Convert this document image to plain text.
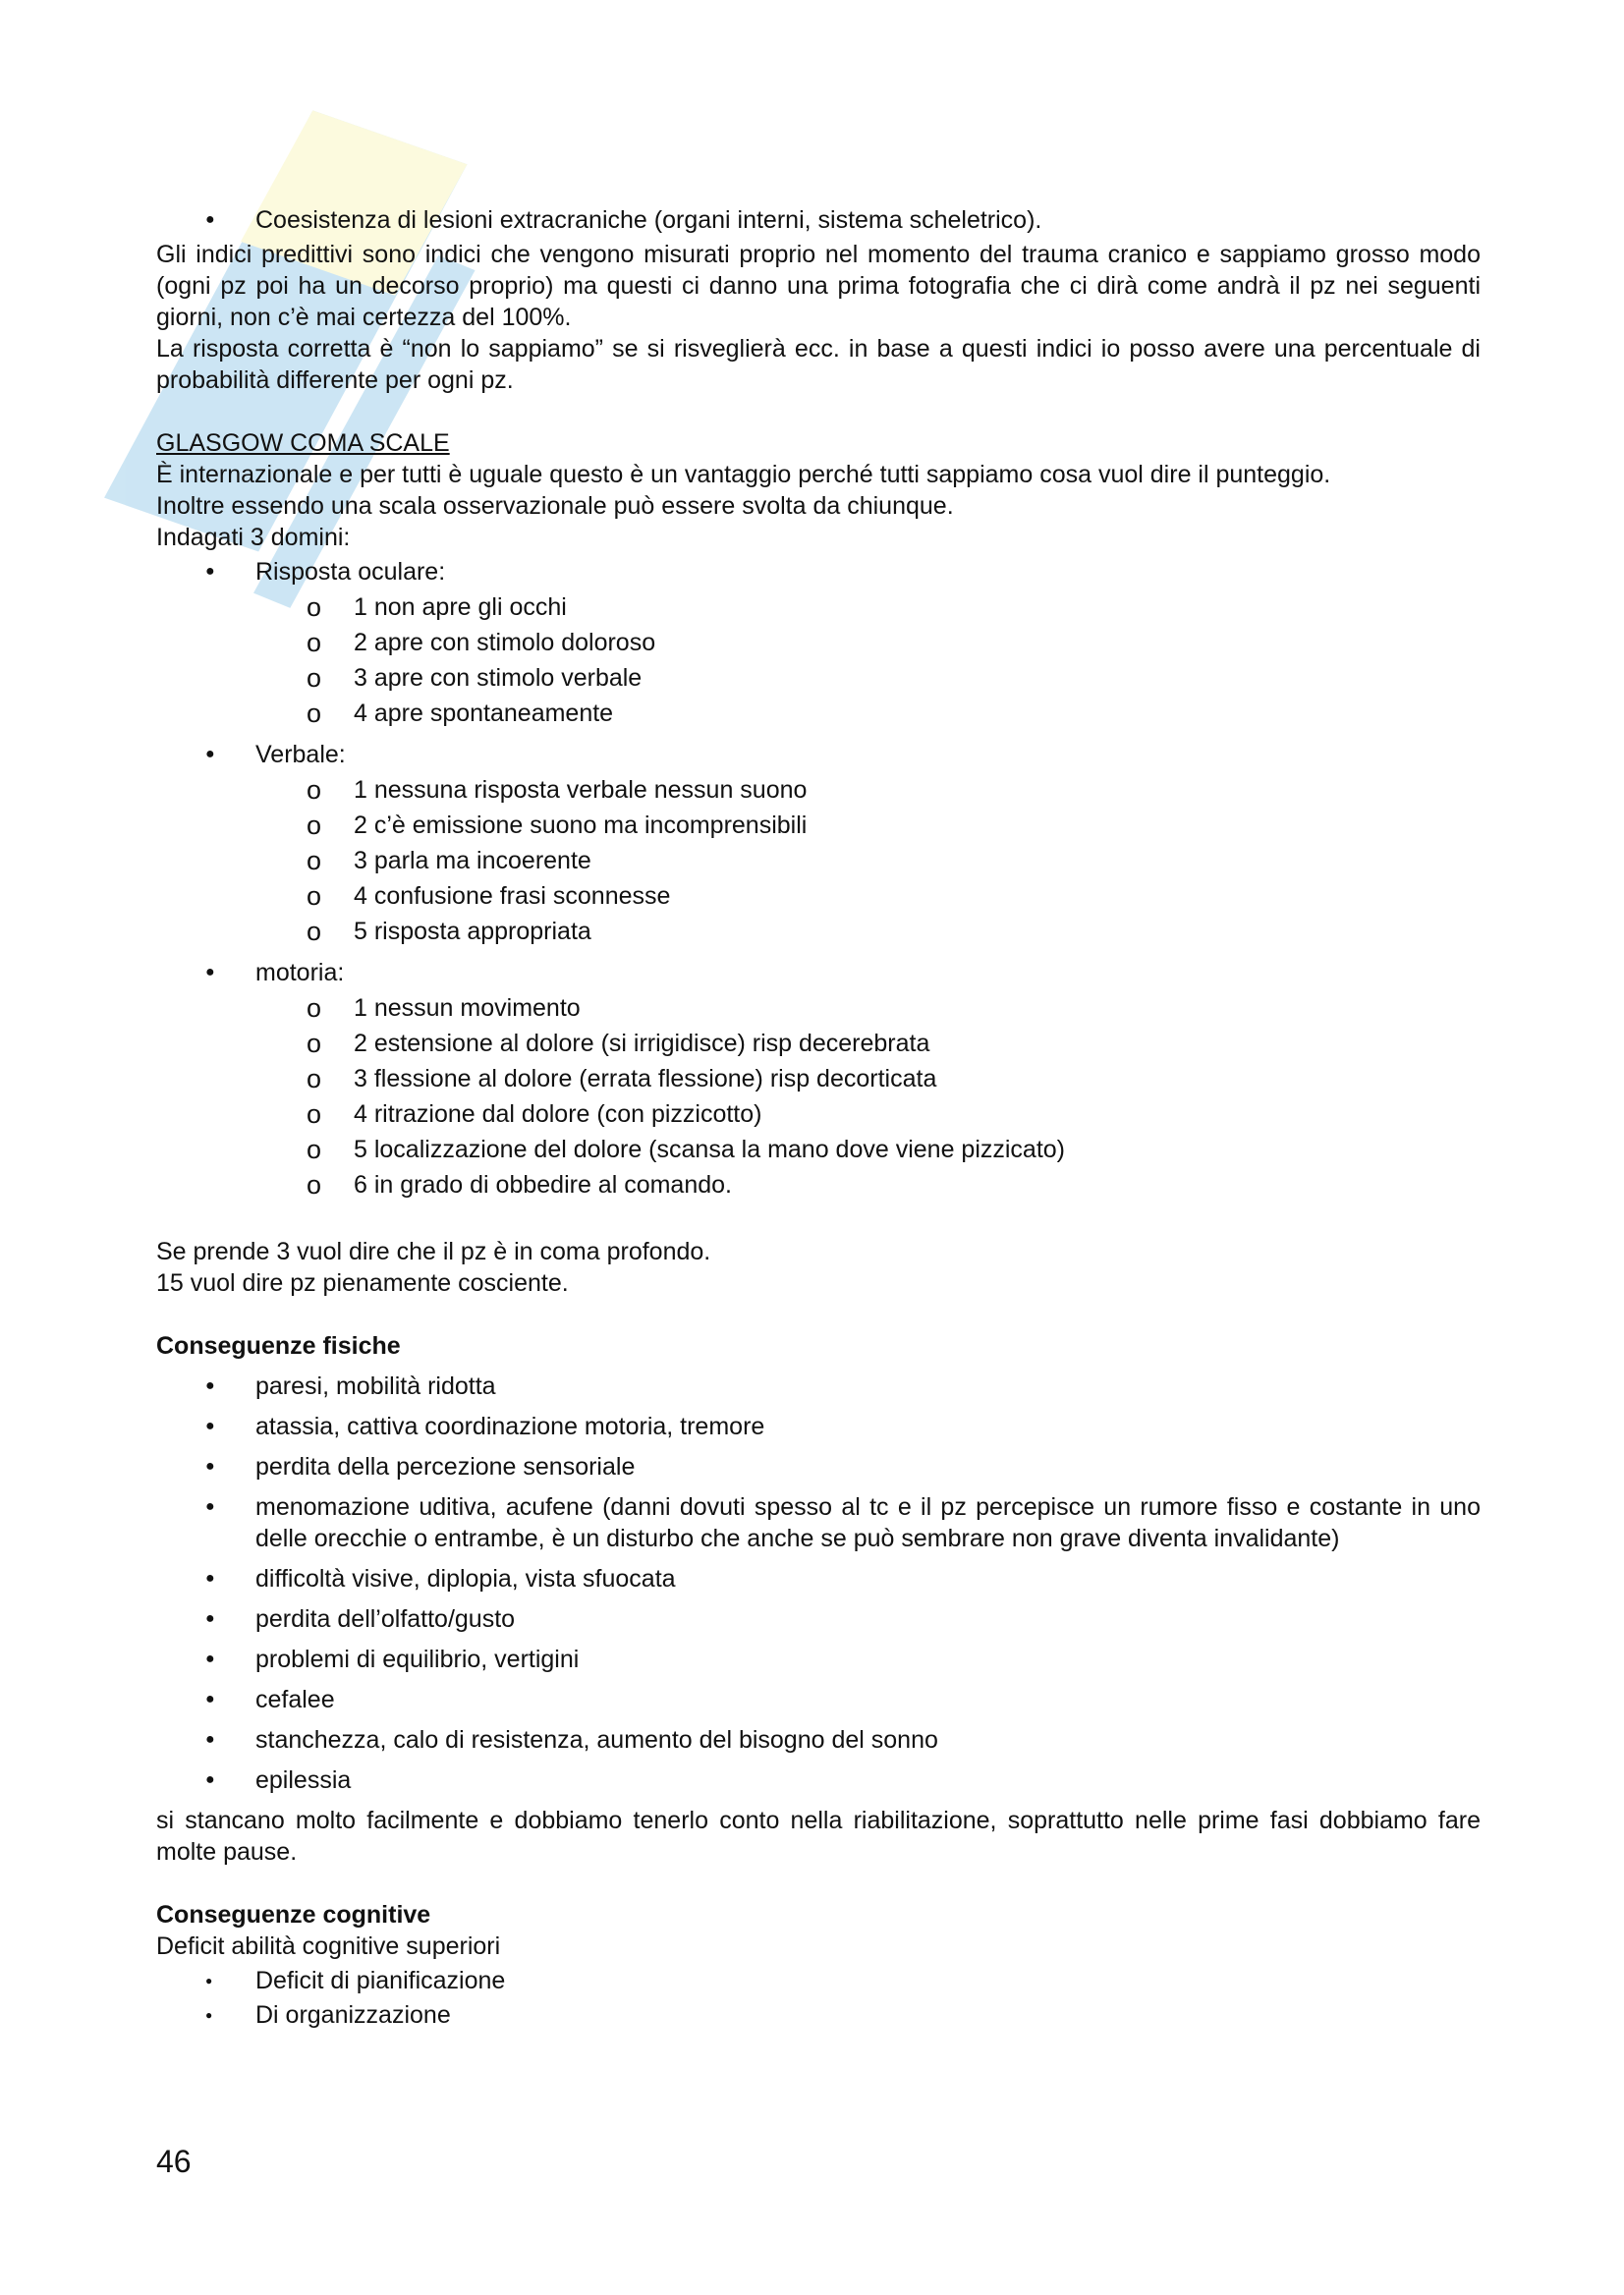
● Coesistenza di lesioni extracraniche (organi interni, sistema scheletrico).

Gli indici predittivi sono indici che vengono misurati proprio nel momento del trauma cranico e sappiamo grosso modo (ogni pz poi ha un decorso proprio) ma questi ci danno una prima fotografia che ci dirà come andrà il pz nei seguenti giorni, non c’è mai certezza del 100%.

La risposta corretta è “non lo sappiamo” se si risveglierà ecc. in base a questi indici io posso avere una percentuale di probabilità differente per ogni pz.

GLASGOW COMA SCALE

È internazionale e per tutti è uguale questo è un vantaggio perché tutti sappiamo cosa vuol dire il punteggio.

Inoltre essendo una scala osservazionale può essere svolta da chiunque.

Indagati 3 domini:

● Risposta oculare:
o 1 non apre gli occhi
o 2 apre con stimolo doloroso
o 3 apre con stimolo verbale
o 4 apre spontaneamente
● Verbale:
o 1 nessuna risposta verbale nessun suono
o 2 c’è emissione suono ma incomprensibili
o 3 parla ma incoerente
o 4 confusione frasi sconnesse
o 5 risposta appropriata
● motoria:
o 1 nessun movimento
o 2 estensione al dolore (si irrigidisce) risp decerebrata
o 3 flessione al dolore (errata flessione) risp decorticata
o 4 ritrazione dal dolore (con pizzicotto)
o 5 localizzazione del dolore (scansa la mano dove viene pizzicato)
o 6 in grado di obbedire al comando.

Se prende 3 vuol dire che il pz è in coma profondo.

15 vuol dire pz pienamente cosciente.

Conseguenze fisiche

● paresi, mobilità ridotta
● atassia, cattiva coordinazione motoria, tremore
● perdita della percezione sensoriale
● menomazione uditiva, acufene (danni dovuti spesso al tc e il pz percepisce un rumore fisso e costante in uno delle orecchie o entrambe, è un disturbo che anche se può sembrare non grave diventa invalidante)
● difficoltà visive, diplopia, vista sfuocata
● perdita dell’olfatto/gusto
● problemi di equilibrio, vertigini
● cefalee
● stanchezza, calo di resistenza, aumento del bisogno del sonno
● epilessia

si stancano molto facilmente e dobbiamo tenerlo conto nella riabilitazione, soprattutto nelle prime fasi dobbiamo fare molte pause.

Conseguenze cognitive

Deficit abilità cognitive superiori

● Deficit di pianificazione
● Di organizzazione
46
